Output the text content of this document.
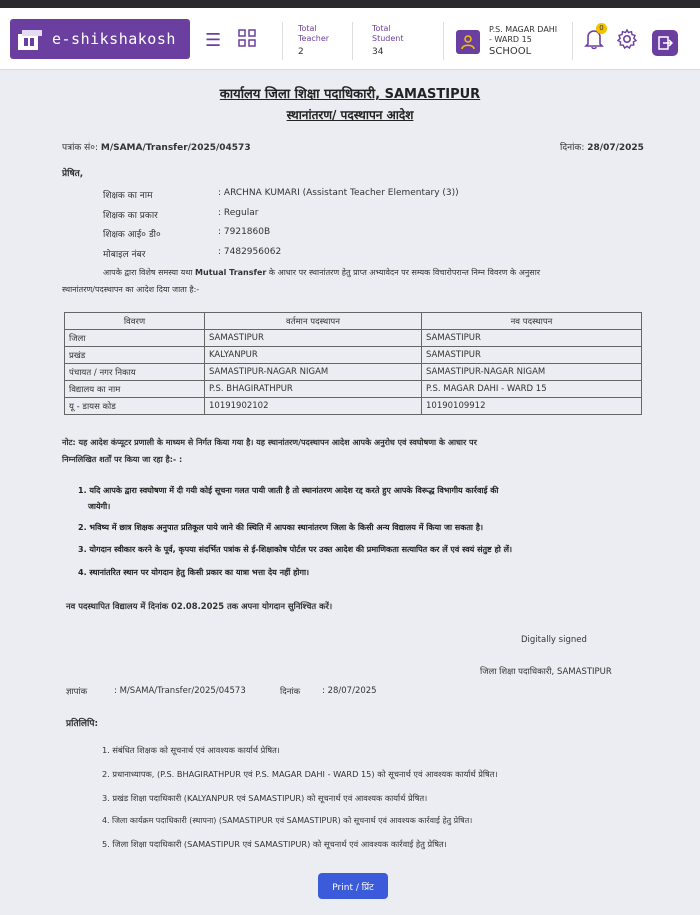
e-shikshakosh ☰
Total
Teacher
2
Total
Student
34
P.S. MAGAR DAHI
- WARD 15
SCHOOL
0
कार्यालय जिला शिक्षा पदाधिकारी, SAMASTIPUR
स्थानांतरण/ पदस्थापन आदेश
पत्रांक सं०: M/SAMA/Transfer/2025/04573	दिनांक: 28/07/2025
प्रेषित,
शिक्षक का नाम	: ARCHNA KUMARI (Assistant Teacher Elementary (3))
शिक्षक का प्रकार	: Regular
शिक्षक आई० डी०	: 7921860B
मोबाइल नंबर	: 7482956062
आपके द्वारा विशेष समस्या यथा Mutual Transfer के आधार पर स्थानांतरण हेतु प्राप्त अभ्यावेदन पर सम्यक विचारोपरान्त निम्न विवरण के अनुसार
स्थानांतरण/पदस्थापन का आदेश दिया जाता है:-
विवरण	वर्तमान पदस्थापन	नव पदस्थापन
जिला	SAMASTIPUR	SAMASTIPUR
प्रखंड	KALYANPUR	SAMASTIPUR
पंचायत / नगर निकाय	SAMASTIPUR-NAGAR NIGAM	SAMASTIPUR-NAGAR NIGAM
विद्यालय का नाम	P.S. BHAGIRATHPUR	P.S. MAGAR DAHI - WARD 15
यू - डायस कोड	10191902102	10190109912
नोट: यह आदेश कंप्यूटर प्रणाली के माध्यम से निर्गत किया गया है। यह स्थानांतरण/पदस्थापन आदेश आपके अनुरोध एवं स्वघोषणा के आधार पर
निम्नलिखित शर्तों पर किया जा रहा है:- :
1. यदि आपके द्वारा स्वघोषणा में दी गयी कोई सूचना गलत पायी जाती है तो स्थानांतरण आदेश रद्द करते हुए आपके विरूद्ध विभागीय कार्रवाई की
जायेगी।
2. भविष्य में छात्र शिक्षक अनुपात प्रतिकूल पाये जाने की स्थिति में आपका स्थानांतरण जिला के किसी अन्य विद्यालय में किया जा सकता है।
3. योगदान स्वीकार करने के पूर्व, कृपया संदर्भित पत्रांक से ई-शिक्षाकोष पोर्टल पर उक्त आदेश की प्रमाणिकता सत्यापित कर लें एवं स्वयं संतुष्ट हो लें।
4. स्थानांतरित स्थान पर योगदान हेतु किसी प्रकार का यात्रा भत्ता देय नहीं होगा।
नव पदस्थापित विद्यालय में दिनांक 02.08.2025 तक अपना योगदान सुनिश्चित करें।
Digitally signed
जिला शिक्षा पदाधिकारी, SAMASTIPUR
ज्ञापांक	: M/SAMA/Transfer/2025/04573	दिनांक	: 28/07/2025
प्रतिलिपि:
1. संबंधित शिक्षक को सूचनार्थ एवं आवश्यक कार्यार्थ प्रेषित।
2. प्रधानाध्यापक, (P.S. BHAGIRATHPUR एवं P.S. MAGAR DAHI - WARD 15) को सूचनार्थ एवं आवश्यक कार्यार्थ प्रेषित।
3. प्रखंड शिक्षा पदाधिकारी (KALYANPUR एवं SAMASTIPUR) को सूचनार्थ एवं आवश्यक कार्यार्थ प्रेषित।
4. जिला कार्यक्रम पदाधिकारी (स्थापना) (SAMASTIPUR एवं SAMASTIPUR) को सूचनार्थ एवं आवश्यक कार्रवाई हेतु प्रेषित।
5. जिला शिक्षा पदाधिकारी (SAMASTIPUR एवं SAMASTIPUR) को सूचनार्थ एवं आवश्यक कार्रवाई हेतु प्रेषित।
Print / प्रिंट
